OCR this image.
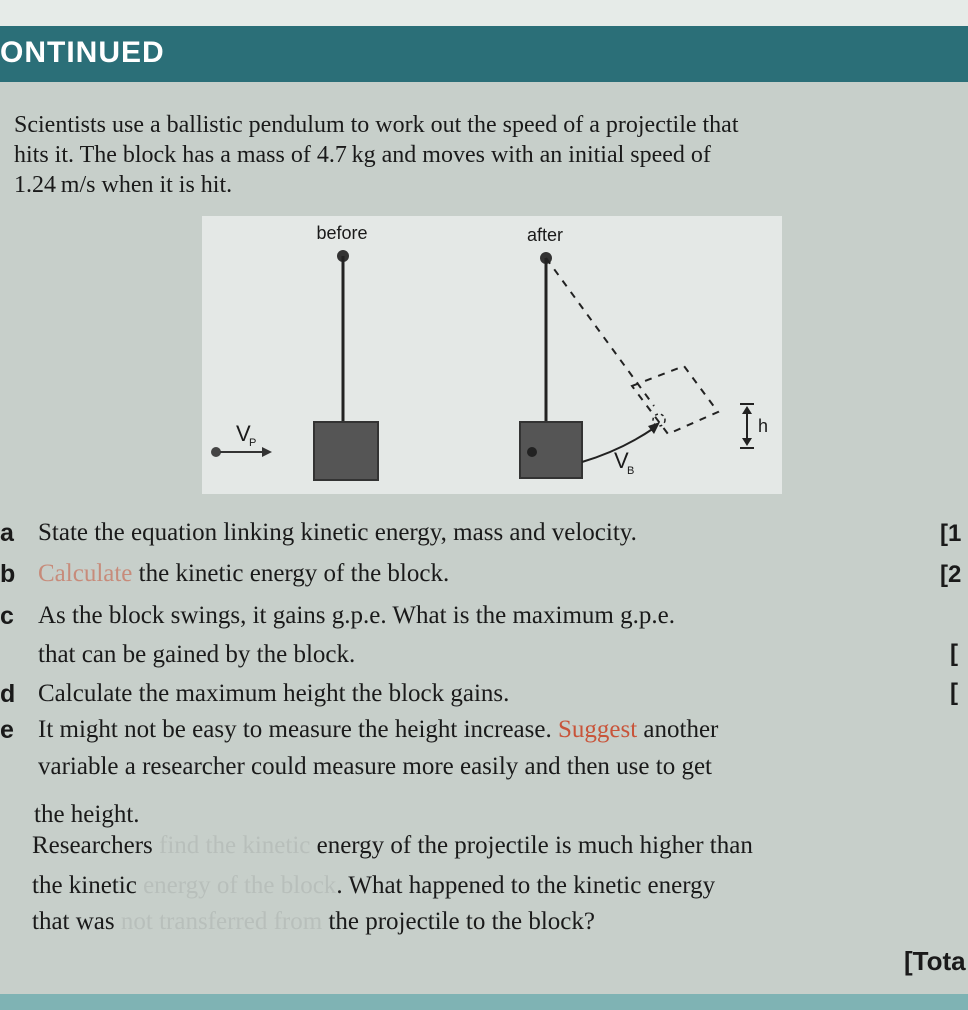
ONTINUED

Scientists use a ballistic pendulum to work out the speed of a projectile that

hits it. The block has a mass of 4.7 kg and moves with an initial speed of

1.24 m/s when it is hit.

before
V
P
after
V
B
h
a State the equation linking kinetic energy, mass and velocity.	[1
b Calculate the kinetic energy of the block.	[2
c As the block swings, it gains g.p.e. What is the maximum g.p.e.
that can be gained by the block.	[
d Calculate the maximum height the block gains.	[
e It might not be easy to measure the height increase. Suggest another
variable a researcher could measure more easily and then use to get
the height.
Researchers find the kinetic energy of the projectile is much higher than
the kinetic energy of the block. What happened to the kinetic energy
that was not transferred from the projectile to the block?
[Tota
